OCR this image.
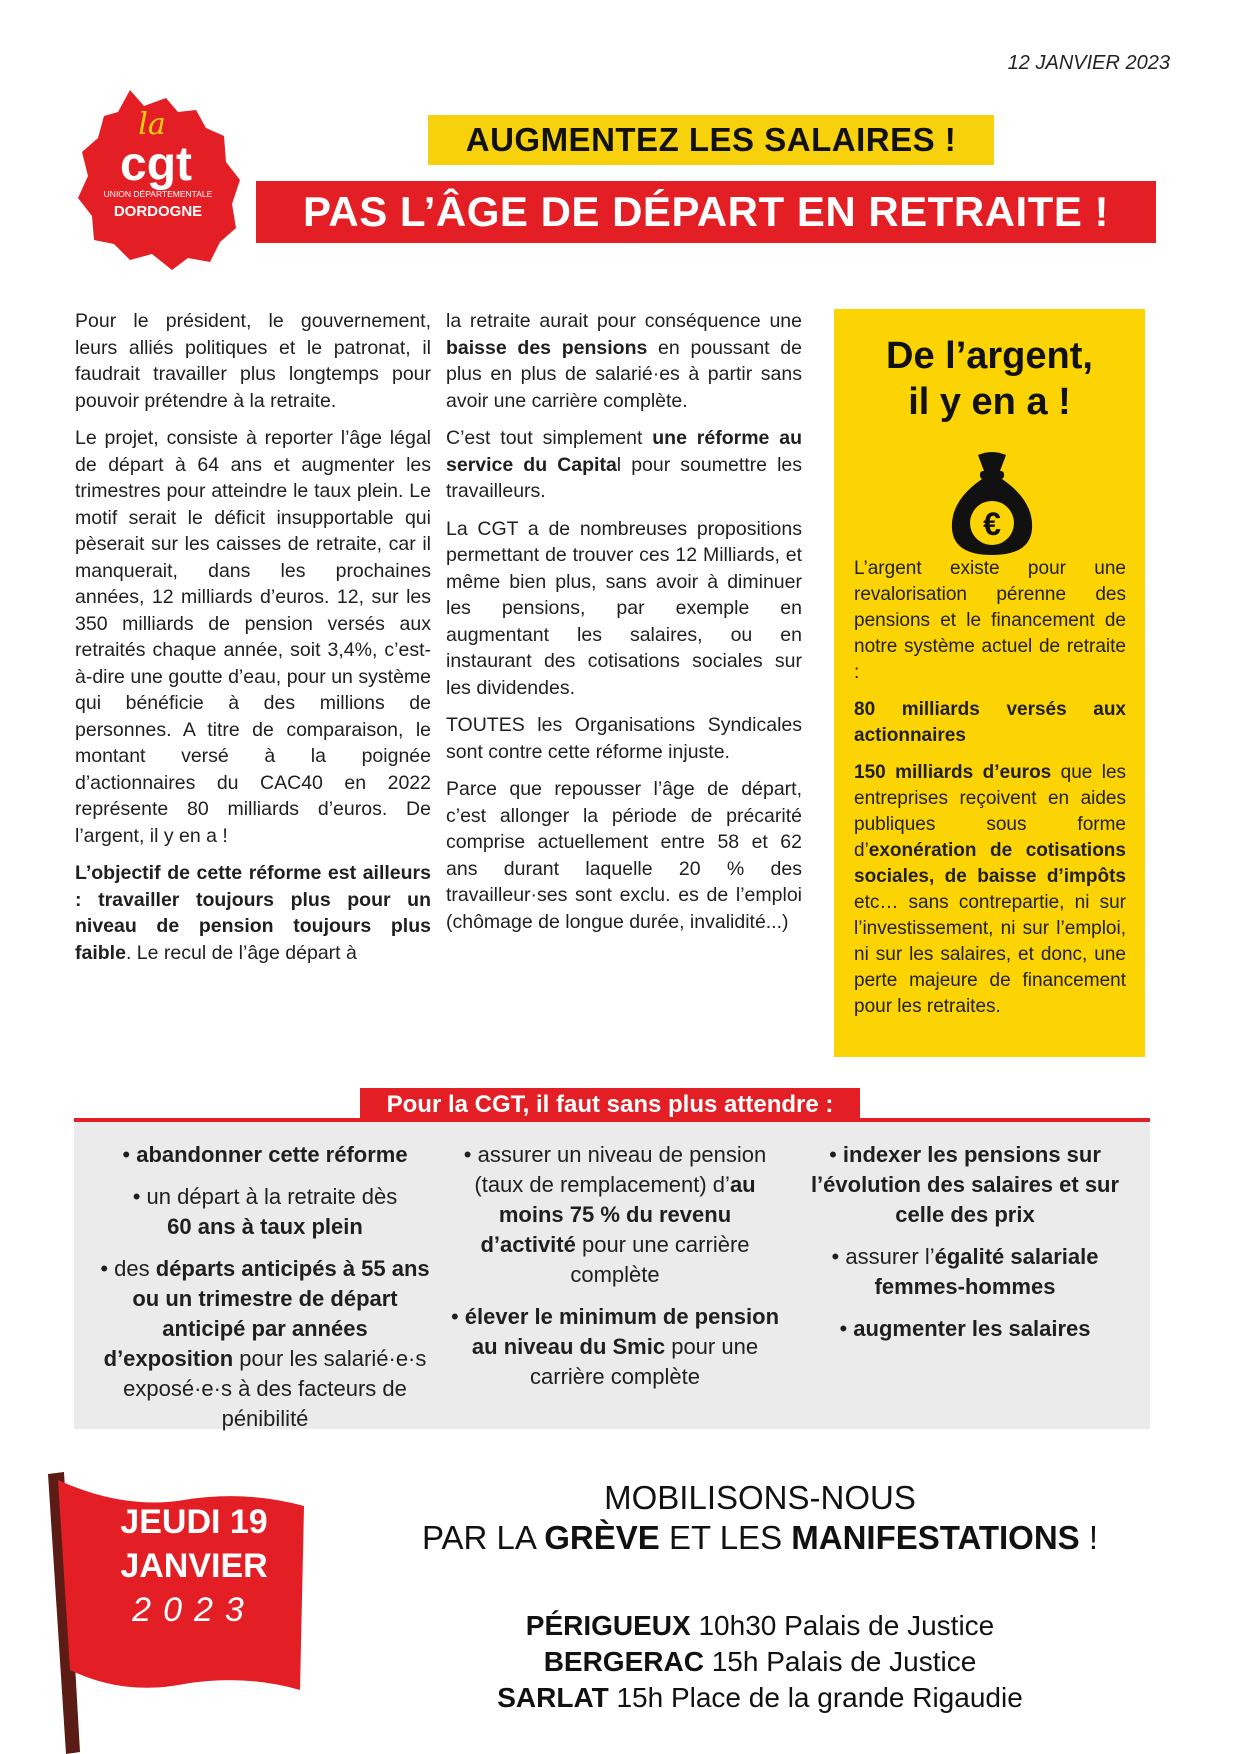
12 JANVIER 2023
la
cgt
UNION DÉPARTEMENTALE
DORDOGNE
AUGMENTEZ LES SALAIRES !
PAS L’ÂGE DE DÉPART EN RETRAITE !

Pour le président, le gouvernement, leurs alliés politiques et le patronat, il faudrait travailler plus longtemps pour pouvoir prétendre à la retraite.

Le projet, consiste à reporter l’âge légal de départ à 64 ans et augmenter les trimestres pour atteindre le taux plein. Le motif serait le déficit insupportable qui pèserait sur les caisses de retraite, car il manquerait, dans les prochaines années, 12 milliards d’euros. 12, sur les 350 milliards de pension versés aux retraités chaque année, soit 3,4%, c’est-à-dire une goutte d’eau, pour un système qui bénéficie à des millions de personnes. A titre de comparaison, le montant versé à la poignée d’actionnaires du CAC40 en 2022 représente 80 milliards d’euros. De l’argent, il y en a !

L’objectif de cette réforme est ailleurs : travailler toujours plus pour un niveau de pension toujours plus faible. Le recul de l’âge départ à

la retraite aurait pour conséquence une baisse des pensions en poussant de plus en plus de salarié·es à partir sans avoir une carrière complète.

C’est tout simplement une réforme au service du Capital pour soumettre les travailleurs.

La CGT a de nombreuses propositions permettant de trouver ces 12 Milliards, et même bien plus, sans avoir à diminuer les pensions, par exemple en augmentant les salaires, ou en instaurant des cotisations sociales sur les dividendes.

TOUTES les Organisations Syndicales sont contre cette réforme injuste.

Parce que repousser l’âge de départ, c’est allonger la période de précarité comprise actuellement entre 58 et 62 ans durant laquelle 20 % des travailleur·ses sont exclu. es de l’emploi (chômage de longue durée, invalidité...)

De l’argent,
il y en a !
€

L’argent existe pour une revalorisation pérenne des pensions et le financement de notre système actuel de retraite :

80 milliards versés aux actionnaires

150 milliards d’euros que les entreprises reçoivent en aides publiques sous forme d’exonération de cotisations sociales, de baisse d’impôts etc… sans contrepartie, ni sur l’investissement, ni sur l’emploi, ni sur les salaires, et donc, une perte majeure de financement pour les retraites.

Pour la CGT, il faut sans plus attendre :

• abandonner cette réforme

• un départ à la retraite dès
60 ans à taux plein

• des départs anticipés à 55 ans ou un trimestre de départ anticipé par années d’exposition pour les salarié·e·s exposé·e·s à des facteurs de pénibilité

• assurer un niveau de pension (taux de remplacement) d’au moins 75 % du revenu d’activité pour une carrière complète

• élever le minimum de pension au niveau du Smic pour une carrière complète

• indexer les pensions sur l’évolution des salaires et sur celle des prix

• assurer l’égalité salariale femmes-hommes

• augmenter les salaires

JEUDI 19
JANVIER
2023
MOBILISONS-NOUS
PAR LA GRÈVE ET LES MANIFESTATIONS !
PÉRIGUEUX 10h30 Palais de Justice
BERGERAC 15h Palais de Justice
SARLAT 15h Place de la grande Rigaudie
